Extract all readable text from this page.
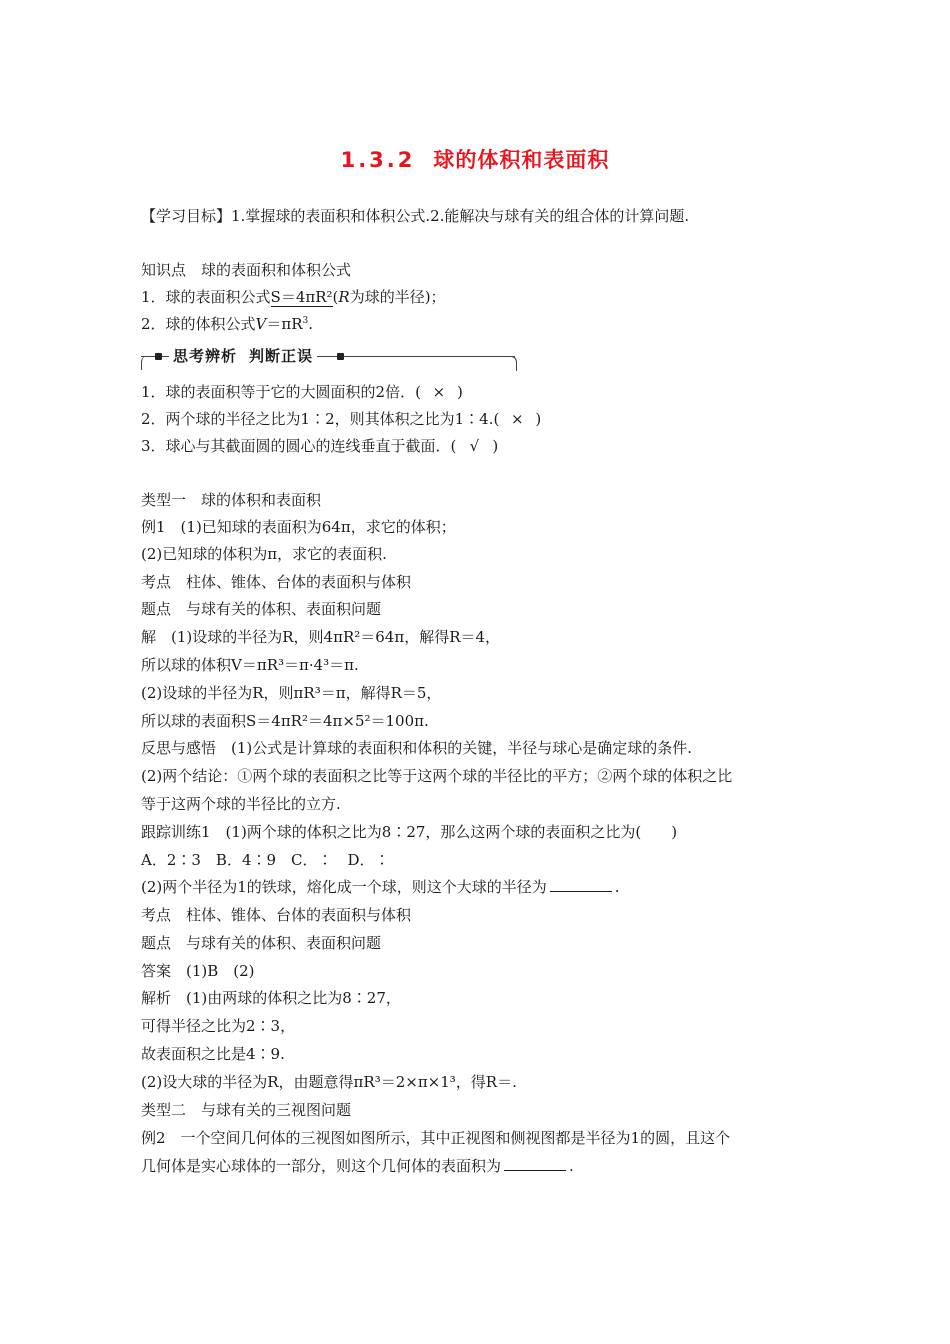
1.3.2 球的体积和表面积
【学习目标】1.掌握球的表面积和体积公式.2.能解决与球有关的组合体的计算问题.
知识点　球的表面积和体积公式
1．球的表面积公式S＝4πR²(R为球的半径)；
2．球的体积公式$V=\pi R^3$.
思考辨析 判断正误
1．球的表面积等于它的大圆面积的2倍．( × )
2．两个球的半径之比为1∶2，则其体积之比为1∶4.( × )
3．球心与其截面圆的圆心的连线垂直于截面．( √ )
类型一　球的体积和表面积
例1　(1)已知球的表面积为64π，求它的体积；
(2)已知球的体积为π，求它的表面积.
考点　柱体、锥体、台体的表面积与体积
题点　与球有关的体积、表面积问题
解　(1)设球的半径为R，则4πR²＝64π，解得R＝4，
所以球的体积V＝πR³＝π·4³＝π.
(2)设球的半径为R，则πR³＝π，解得R＝5，
所以球的表面积S＝4πR²＝4π×5²＝100π.
反思与感悟　(1)公式是计算球的表面积和体积的关键，半径与球心是确定球的条件.
(2)两个结论：①两个球的表面积之比等于这两个球的半径比的平方；②两个球的体积之比
等于这两个球的半径比的立方.
跟踪训练1　(1)两个球的体积之比为8∶27，那么这两个球的表面积之比为(　　)
A．2∶3　B．4∶9　C．∶　D．∶
(2)两个半径为1的铁球，熔化成一个球，则这个大球的半径为	.
考点　柱体、锥体、台体的表面积与体积
题点　与球有关的体积、表面积问题
答案　(1)B　(2)
解析　(1)由两球的体积之比为8∶27，
可得半径之比为2∶3，
故表面积之比是4∶9.
(2)设大球的半径为R，由题意得πR³＝2×π×1³，得R＝.
类型二　与球有关的三视图问题
例2　一个空间几何体的三视图如图所示，其中正视图和侧视图都是半径为1的圆，且这个
几何体是实心球体的一部分，则这个几何体的表面积为	.
